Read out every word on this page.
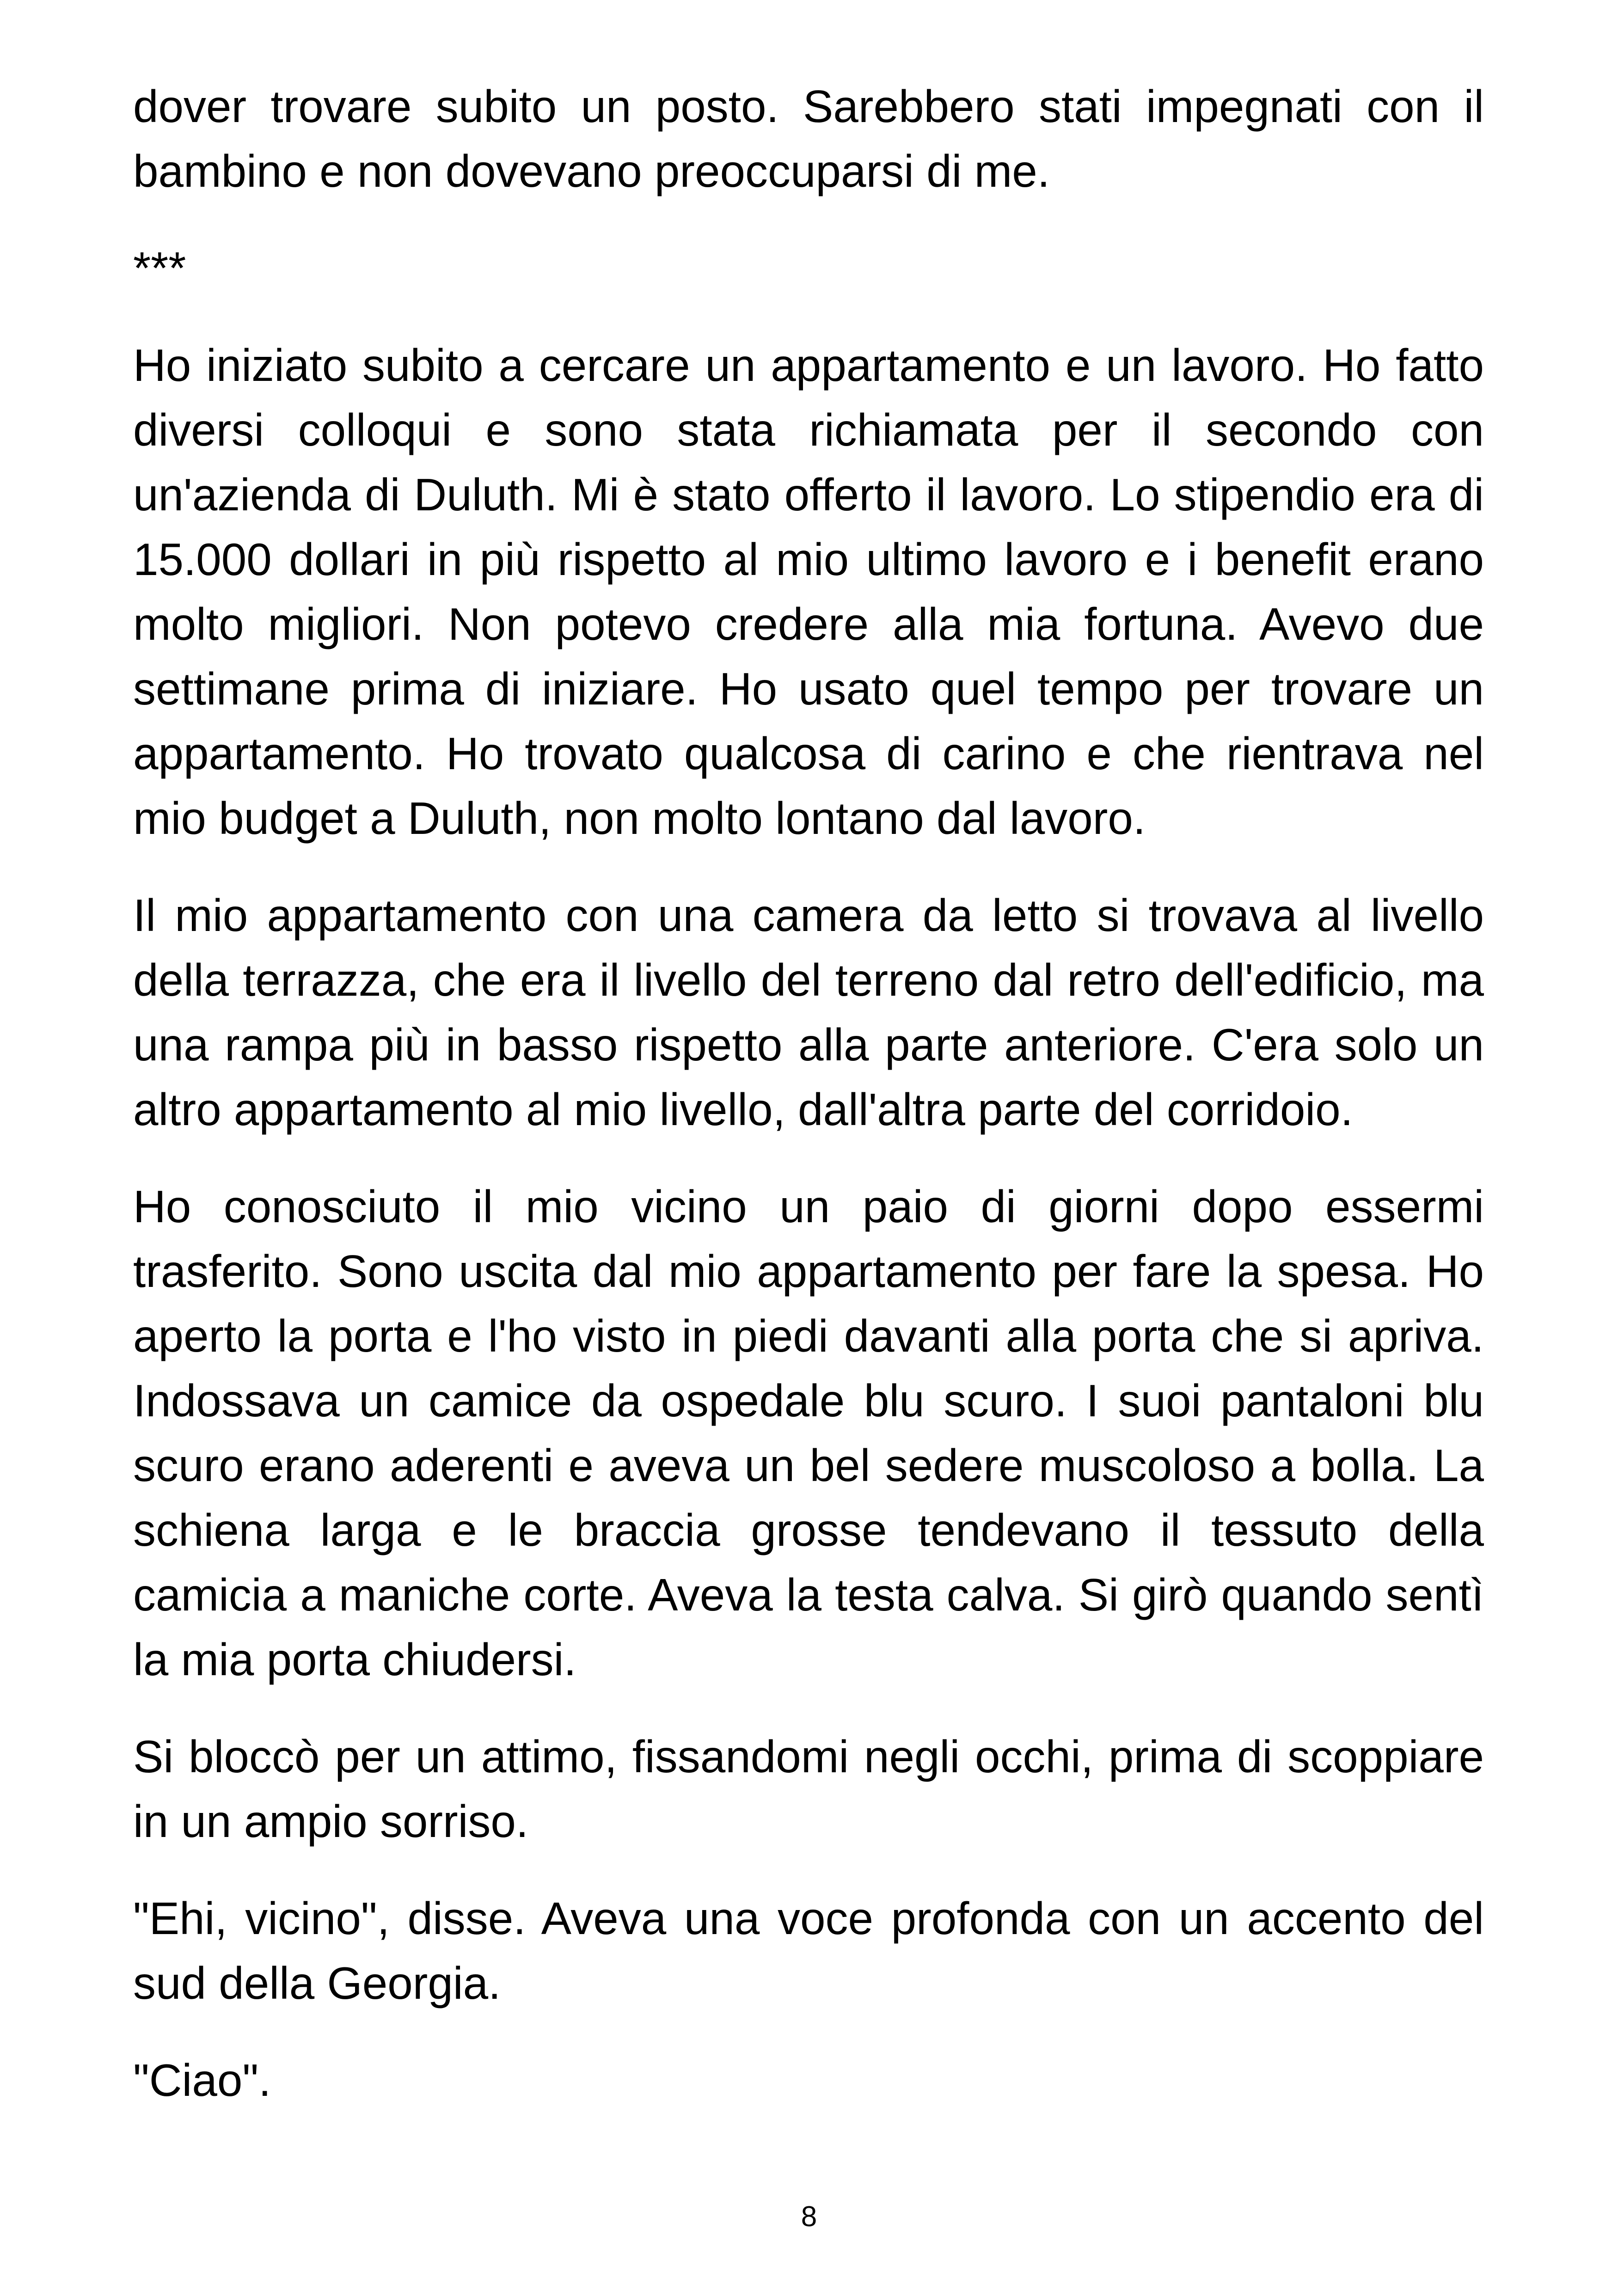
dover trovare subito un posto. Sarebbero stati impegnati con il bambino e non dovevano preoccuparsi di me.

***

Ho iniziato subito a cercare un appartamento e un lavoro. Ho fatto diversi colloqui e sono stata richiamata per il secondo con un'azienda di Duluth. Mi è stato offerto il lavoro. Lo stipendio era di 15.000 dollari in più rispetto al mio ultimo lavoro e i benefit erano molto migliori. Non potevo credere alla mia fortuna. Avevo due settimane prima di iniziare. Ho usato quel tempo per trovare un appartamento. Ho trovato qualcosa di carino e che rientrava nel mio budget a Duluth, non molto lontano dal lavoro.

Il mio appartamento con una camera da letto si trovava al livello della terrazza, che era il livello del terreno dal retro dell'edificio, ma una rampa più in basso rispetto alla parte anteriore. C'era solo un altro appartamento al mio livello, dall'altra parte del corridoio.

Ho conosciuto il mio vicino un paio di giorni dopo essermi trasferito. Sono uscita dal mio appartamento per fare la spesa. Ho aperto la porta e l'ho visto in piedi davanti alla porta che si apriva. Indossava un camice da ospedale blu scuro. I suoi pantaloni blu scuro erano aderenti e aveva un bel sedere muscoloso a bolla. La schiena larga e le braccia grosse tendevano il tessuto della camicia a maniche corte. Aveva la testa calva. Si girò quando sentì la mia porta chiudersi.

Si bloccò per un attimo, fissandomi negli occhi, prima di scoppiare in un ampio sorriso.

"Ehi, vicino", disse. Aveva una voce profonda con un accento del sud della Georgia.

"Ciao".

8
